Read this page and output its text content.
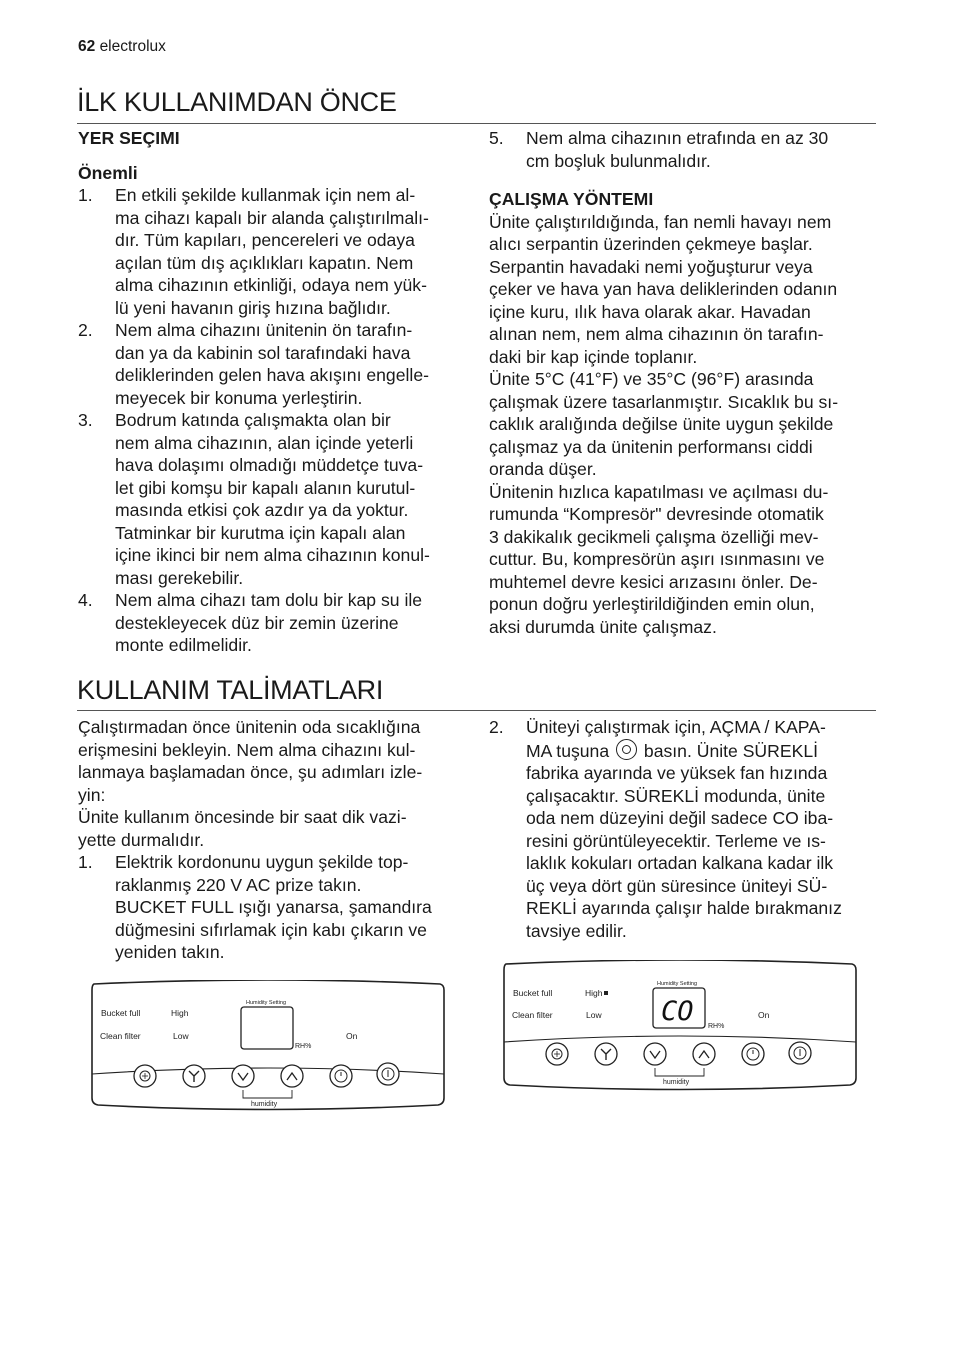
62 electrolux
İLK KULLANIMDAN ÖNCE
YER SEÇIMI
Önemli
1. En etkili şekilde kullanmak için nem al-
ma cihazı kapalı bir alanda çalıştırılmalı-
dır. Tüm kapıları, pencereleri ve odaya
açılan tüm dış açıklıkları kapatın. Nem
alma cihazının etkinliği, odaya nem yük-
lü yeni havanın giriş hızına bağlıdır.
2. Nem alma cihazını ünitenin ön tarafın-
dan ya da kabinin sol tarafındaki hava
deliklerinden gelen hava akışını engelle-
meyecek bir konuma yerleştirin.
3. Bodrum katında çalışmakta olan bir
nem alma cihazının, alan içinde yeterli
hava dolaşımı olmadığı müddetçe tuva-
let gibi komşu bir kapalı alanın kurutul-
masında etkisi çok azdır ya da yoktur.
Tatminkar bir kurutma için kapalı alan
içine ikinci bir nem alma cihazının konul-
ması gerekebilir.
4. Nem alma cihazı tam dolu bir kap su ile
destekleyecek düz bir zemin üzerine
monte edilmelidir.
5. Nem alma cihazının etrafında en az 30
cm boşluk bulunmalıdır.
ÇALIŞMA YÖNTEMI
Ünite çalıştırıldığında, fan nemli havayı nem
alıcı serpantin üzerinden çekmeye başlar.
Serpantin havadaki nemi yoğuşturur veya
çeker ve hava yan hava deliklerinden odanın
içine kuru, ılık hava olarak akar. Havadan
alınan nem, nem alma cihazının ön tarafın-
daki bir kap içinde toplanır.
Ünite 5°C (41°F) ve 35°C (96°F) arasında
çalışmak üzere tasarlanmıştır. Sıcaklık bu sı-
caklık aralığında değilse ünite uygun şekilde
çalışmaz ya da ünitenin performansı ciddi
oranda düşer.
Ünitenin hızlıca kapatılması ve açılması du-
rumunda “Kompresör" devresinde otomatik
3 dakikalık gecikmeli çalışma özelliği mev-
cuttur. Bu, kompresörün aşırı ısınmasını ve
muhtemel devre kesici arızasını önler. De-
ponun doğru yerleştirildiğinden emin olun,
aksi durumda ünite çalışmaz.
KULLANIM TALİMATLARI
Çalıştırmadan önce ünitenin oda sıcaklığına
erişmesini bekleyin. Nem alma cihazını kul-
lanmaya başlamadan önce, şu adımları izle-
yin:
Ünite kullanım öncesinde bir saat dik vazi-
yette durmalıdır.
1. Elektrik kordonunu uygun şekilde top-
raklanmış 220 V AC prize takın.
BUCKET FULL ışığı yanarsa, şamandıra
düğmesini sıfırlamak için kabı çıkarın ve
yeniden takın.
2. Üniteyi çalıştırmak için, AÇMA / KAPA-
MA tuşuna basın. Ünite SÜREKLİ
fabrika ayarında ve yüksek fan hızında
çalışacaktır. SÜREKLİ modunda, ünite
oda nem düzeyini değil sadece CO iba-
resini görüntüleyecektir. Terleme ve ıs-
laklık kokuları ortadan kalkana kadar ilk
üç veya dört gün süresince üniteyi SÜ-
REKLİ ayarında çalışır halde bırakmanız
tavsiye edilir.
Bucket full
Clean filter
High
Low
Humidity Setting
RH%
On
humidity
Bucket full
Clean filter
High
Low
Humidity Setting
CO RH%
On
humidity
